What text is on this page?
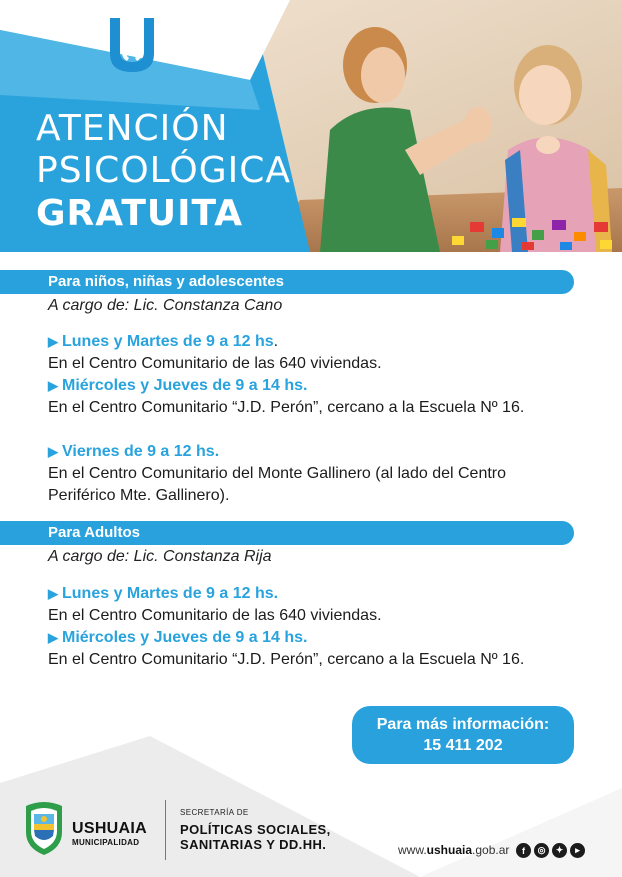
ATENCIÓN
PSICOLÓGICA
GRATUITA
Para niños, niñas y adolescentes
A cargo de: Lic. Constanza Cano
▶ Lunes y Martes de 9 a 12 hs.
En el Centro Comunitario de las 640 viviendas.
▶ Miércoles y Jueves de 9 a 14 hs.
En el Centro Comunitario “J.D. Perón”, cercano a la Escuela Nº 16.
▶ Viernes de 9 a 12 hs.
En el Centro Comunitario del Monte Gallinero (al lado del Centro Periférico Mte. Gallinero).
Para Adultos
A cargo de: Lic. Constanza Rija
▶ Lunes y Martes de 9 a 12 hs.
En el Centro Comunitario de las 640 viviendas.
▶ Miércoles y Jueves de 9 a 14 hs.
En el Centro Comunitario “J.D. Perón”, cercano a la Escuela Nº 16.
Para más información:
15 411 202
USHUAIA
MUNICIPALIDAD
SECRETARÍA DE
POLÍTICAS SOCIALES,
SANITARIAS Y DD.HH.	www.ushuaia.gob.ar	f	◎	✦	▸
